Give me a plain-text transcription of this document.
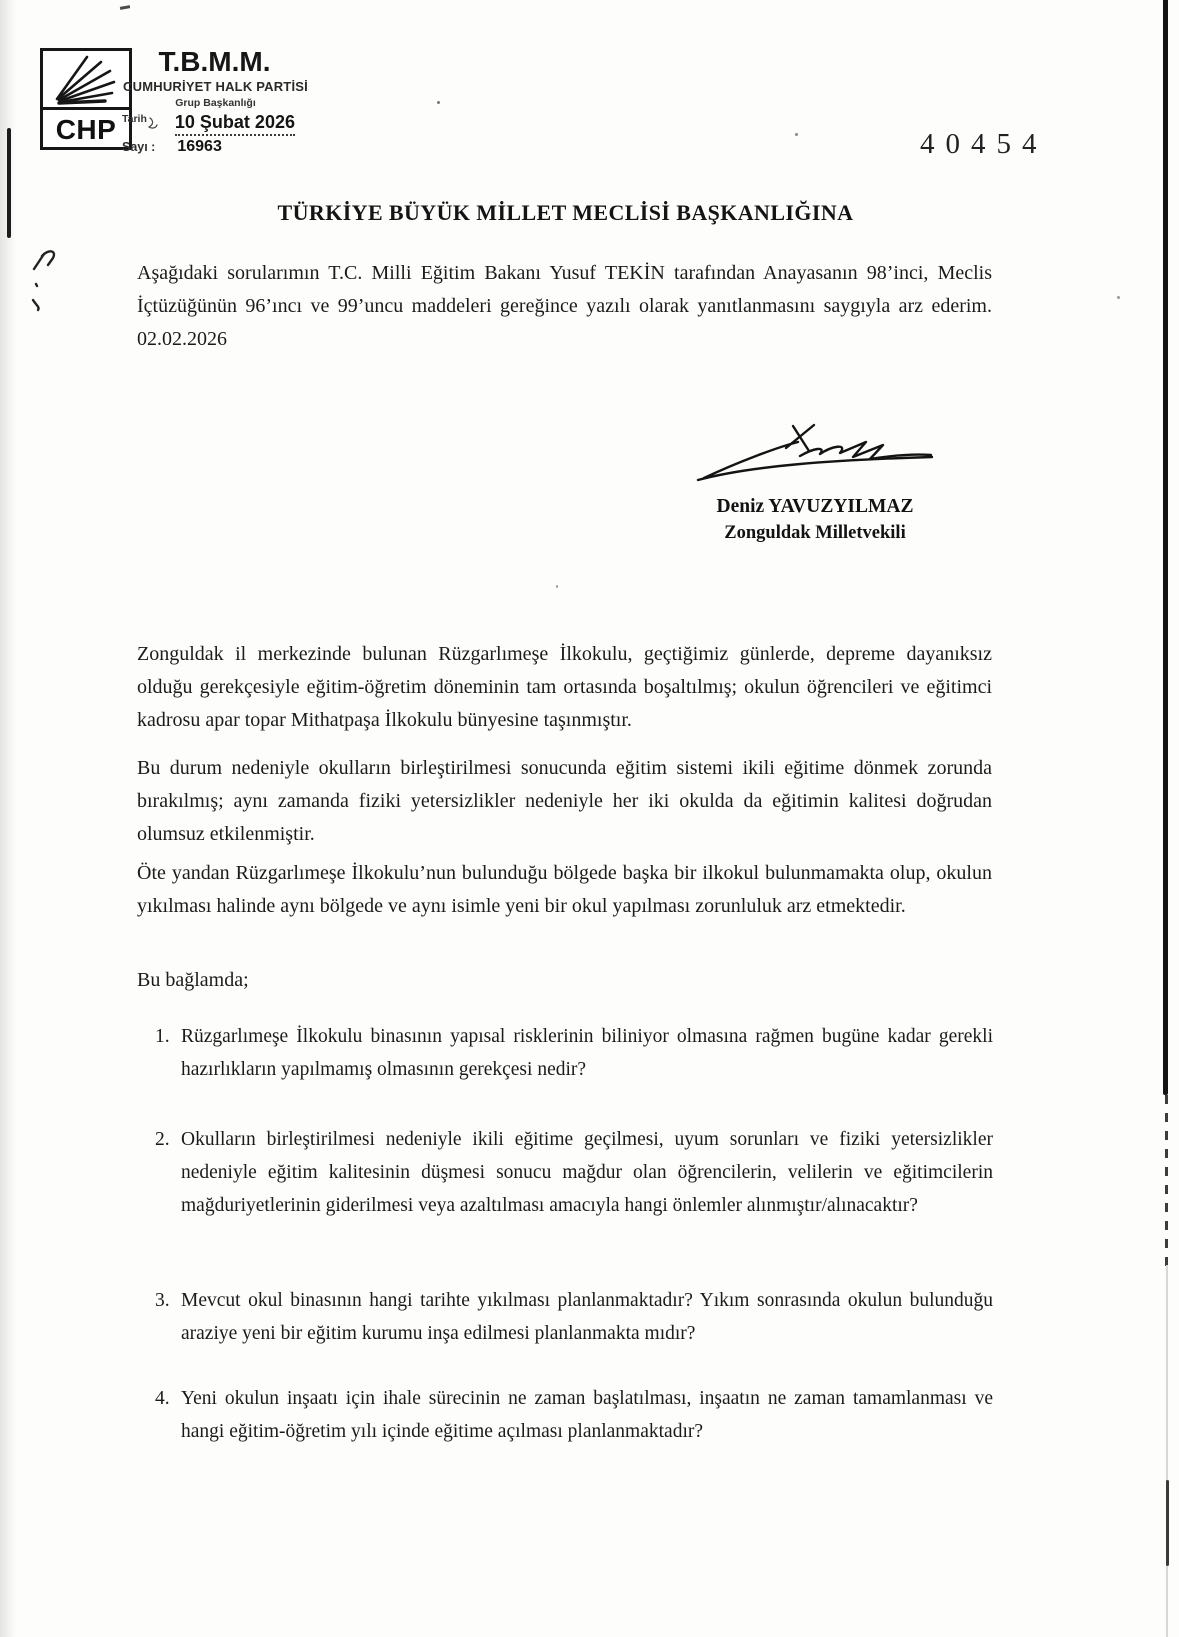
CHP
T.B.M.M.
CUMHURİYET HALK PARTİSİ
Grup Başkanlığı
$^{Tarih}$ 10 Şubat 2026
Sayı : 16963	40454
TÜRKİYE BÜYÜK MİLLET MECLİSİ BAŞKANLIĞINA
Aşağıdaki sorularımın T.C. Milli Eğitim Bakanı Yusuf TEKİN tarafından Anayasanın 98’inci, Meclis İçtüzüğünün 96’ıncı ve 99’uncu maddeleri gereğince yazılı olarak yanıtlanmasını saygıyla arz ederim. 02.02.2026
Deniz YAVUZYILMAZ
Zonguldak Milletvekili
Zonguldak il merkezinde bulunan Rüzgarlımeşe İlkokulu, geçtiğimiz günlerde, depreme dayanıksız olduğu gerekçesiyle eğitim-öğretim döneminin tam ortasında boşaltılmış; okulun öğrencileri ve eğitimci kadrosu apar topar Mithatpaşa İlkokulu bünyesine taşınmıştır.
Bu durum nedeniyle okulların birleştirilmesi sonucunda eğitim sistemi ikili eğitime dönmek zorunda bırakılmış; aynı zamanda fiziki yetersizlikler nedeniyle her iki okulda da eğitimin kalitesi doğrudan olumsuz etkilenmiştir.
Öte yandan Rüzgarlımeşe İlkokulu’nun bulunduğu bölgede başka bir ilkokul bulunmamakta olup, okulun yıkılması halinde aynı bölgede ve aynı isimle yeni bir okul yapılması zorunluluk arz etmektedir.
Bu bağlamda;
1. Rüzgarlımeşe İlkokulu binasının yapısal risklerinin biliniyor olmasına rağmen bugüne kadar gerekli hazırlıkların yapılmamış olmasının gerekçesi nedir?
2. Okulların birleştirilmesi nedeniyle ikili eğitime geçilmesi, uyum sorunları ve fiziki yetersizlikler nedeniyle eğitim kalitesinin düşmesi sonucu mağdur olan öğrencilerin, velilerin ve eğitimcilerin mağduriyetlerinin giderilmesi veya azaltılması amacıyla hangi önlemler alınmıştır/alınacaktır?
3. Mevcut okul binasının hangi tarihte yıkılması planlanmaktadır? Yıkım sonrasında okulun bulunduğu araziye yeni bir eğitim kurumu inşa edilmesi planlanmakta mıdır?
4. Yeni okulun inşaatı için ihale sürecinin ne zaman başlatılması, inşaatın ne zaman tamamlanması ve hangi eğitim-öğretim yılı içinde eğitime açılması planlanmaktadır?
